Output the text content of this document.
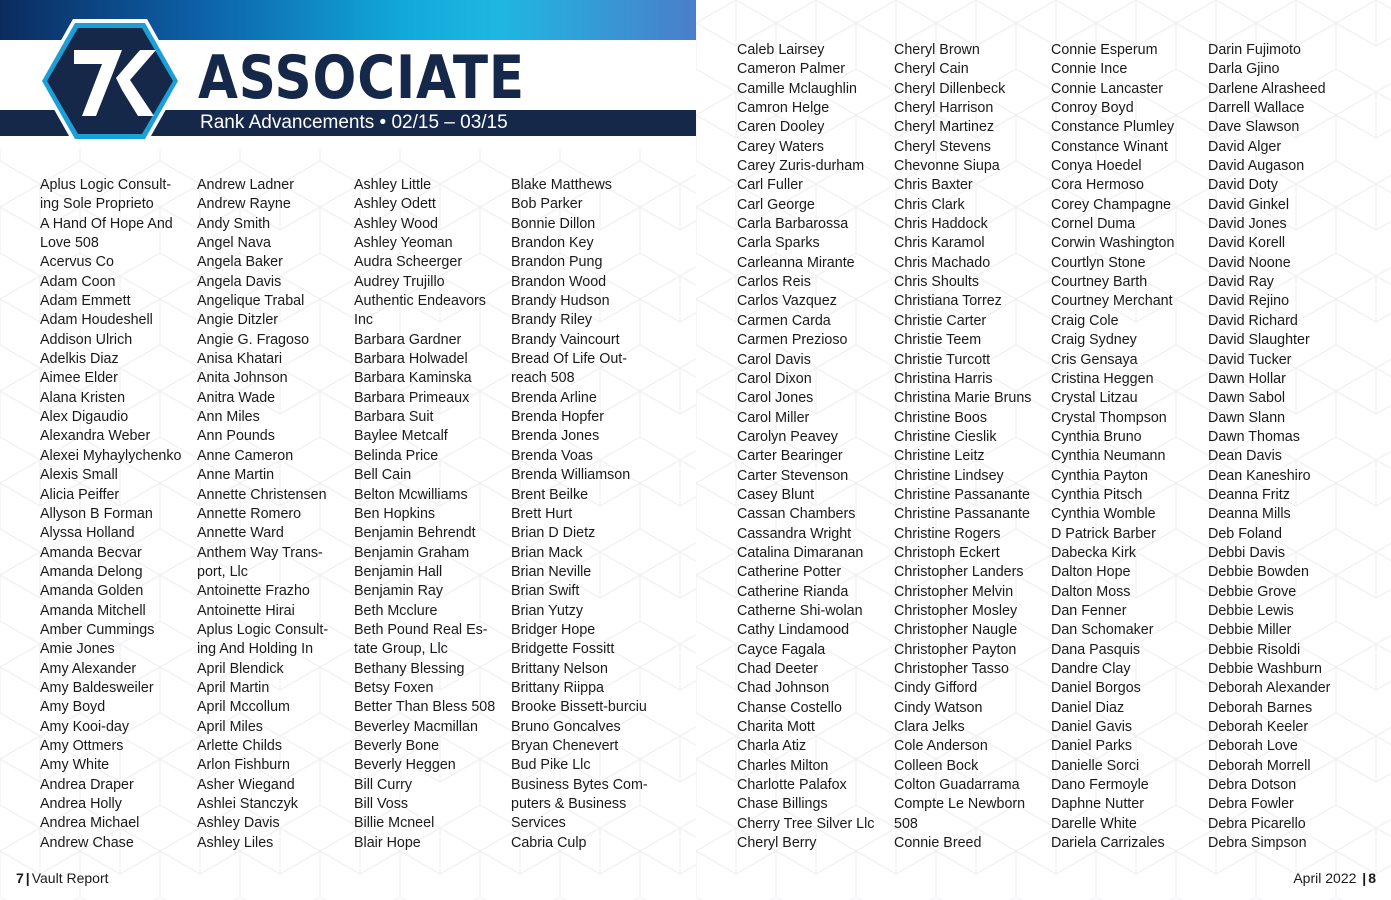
ASSOCIATE
Rank Advancements • 02/15 – 03/15
Aplus Logic Consult-
ing Sole Proprieto
A Hand Of Hope And
Love 508
Acervus Co
Adam Coon
Adam Emmett
Adam Houdeshell
Addison Ulrich
Adelkis Diaz
Aimee Elder
Alana Kristen
Alex Digaudio
Alexandra Weber
Alexei Myhaylychenko
Alexis Small
Alicia Peiffer
Allyson B Forman
Alyssa Holland
Amanda Becvar
Amanda Delong
Amanda Golden
Amanda Mitchell
Amber Cummings
Amie Jones
Amy Alexander
Amy Baldesweiler
Amy Boyd
Amy Kooi-day
Amy Ottmers
Amy White
Andrea Draper
Andrea Holly
Andrea Michael
Andrew Chase
Andrew Ladner
Andrew Rayne
Andy Smith
Angel Nava
Angela Baker
Angela Davis
Angelique Trabal
Angie Ditzler
Angie G. Fragoso
Anisa Khatari
Anita Johnson
Anitra Wade
Ann Miles
Ann Pounds
Anne Cameron
Anne Martin
Annette Christensen
Annette Romero
Annette Ward
Anthem Way Trans-
port, Llc
Antoinette Frazho
Antoinette Hirai
Aplus Logic Consult-
ing And Holding In
April Blendick
April Martin
April Mccollum
April Miles
Arlette Childs
Arlon Fishburn
Asher Wiegand
Ashlei Stanczyk
Ashley Davis
Ashley Liles
Ashley Little
Ashley Odett
Ashley Wood
Ashley Yeoman
Audra Scheerger
Audrey Trujillo
Authentic Endeavors
Inc
Barbara Gardner
Barbara Holwadel
Barbara Kaminska
Barbara Primeaux
Barbara Suit
Baylee Metcalf
Belinda Price
Bell Cain
Belton Mcwilliams
Ben Hopkins
Benjamin Behrendt
Benjamin Graham
Benjamin Hall
Benjamin Ray
Beth Mcclure
Beth Pound Real Es-
tate Group, Llc
Bethany Blessing
Betsy Foxen
Better Than Bless 508
Beverley Macmillan
Beverly Bone
Beverly Heggen
Bill Curry
Bill Voss
Billie Mcneel
Blair Hope
Blake Matthews
Bob Parker
Bonnie Dillon
Brandon Key
Brandon Pung
Brandon Wood
Brandy Hudson
Brandy Riley
Brandy Vaincourt
Bread Of Life Out-
reach 508
Brenda Arline
Brenda Hopfer
Brenda Jones
Brenda Voas
Brenda Williamson
Brent Beilke
Brett Hurt
Brian D Dietz
Brian Mack
Brian Neville
Brian Swift
Brian Yutzy
Bridger Hope
Bridgette Fossitt
Brittany Nelson
Brittany Riippa
Brooke Bissett-burciu
Bruno Goncalves
Bryan Chenevert
Bud Pike Llc
Business Bytes Com-
puters & Business
Services
Cabria Culp
7 | Vault Report
Caleb Lairsey
Cameron Palmer
Camille Mclaughlin
Camron Helge
Caren Dooley
Carey Waters
Carey Zuris-durham
Carl Fuller
Carl George
Carla Barbarossa
Carla Sparks
Carleanna Mirante
Carlos Reis
Carlos Vazquez
Carmen Carda
Carmen Prezioso
Carol Davis
Carol Dixon
Carol Jones
Carol Miller
Carolyn Peavey
Carter Bearinger
Carter Stevenson
Casey Blunt
Cassan Chambers
Cassandra Wright
Catalina Dimaranan
Catherine Potter
Catherine Rianda
Catherne Shi-wolan
Cathy Lindamood
Cayce Fagala
Chad Deeter
Chad Johnson
Chanse Costello
Charita Mott
Charla Atiz
Charles Milton
Charlotte Palafox
Chase Billings
Cherry Tree Silver Llc
Cheryl Berry
Cheryl Brown
Cheryl Cain
Cheryl Dillenbeck
Cheryl Harrison
Cheryl Martinez
Cheryl Stevens
Chevonne Siupa
Chris Baxter
Chris Clark
Chris Haddock
Chris Karamol
Chris Machado
Chris Shoults
Christiana Torrez
Christie Carter
Christie Teem
Christie Turcott
Christina Harris
Christina Marie Bruns
Christine Boos
Christine Cieslik
Christine Leitz
Christine Lindsey
Christine Passanante
Christine Passanante
Christine Rogers
Christoph Eckert
Christopher Landers
Christopher Melvin
Christopher Mosley
Christopher Naugle
Christopher Payton
Christopher Tasso
Cindy Gifford
Cindy Watson
Clara Jelks
Cole Anderson
Colleen Bock
Colton Guadarrama
Compte Le Newborn
508
Connie Breed
Connie Esperum
Connie Ince
Connie Lancaster
Conroy Boyd
Constance Plumley
Constance Winant
Conya Hoedel
Cora Hermoso
Corey Champagne
Cornel Duma
Corwin Washington
Courtlyn Stone
Courtney Barth
Courtney Merchant
Craig Cole
Craig Sydney
Cris Gensaya
Cristina Heggen
Crystal Litzau
Crystal Thompson
Cynthia Bruno
Cynthia Neumann
Cynthia Payton
Cynthia Pitsch
Cynthia Womble
D Patrick Barber
Dabecka Kirk
Dalton Hope
Dalton Moss
Dan Fenner
Dan Schomaker
Dana Pasquis
Dandre Clay
Daniel Borgos
Daniel Diaz
Daniel Gavis
Daniel Parks
Danielle Sorci
Dano Fermoyle
Daphne Nutter
Darelle White
Dariela Carrizales
Darin Fujimoto
Darla Gjino
Darlene Alrasheed
Darrell Wallace
Dave Slawson
David Alger
David Augason
David Doty
David Ginkel
David Jones
David Korell
David Noone
David Ray
David Rejino
David Richard
David Slaughter
David Tucker
Dawn Hollar
Dawn Sabol
Dawn Slann
Dawn Thomas
Dean Davis
Dean Kaneshiro
Deanna Fritz
Deanna Mills
Deb Foland
Debbi Davis
Debbie Bowden
Debbie Grove
Debbie Lewis
Debbie Miller
Debbie Risoldi
Debbie Washburn
Deborah Alexander
Deborah Barnes
Deborah Keeler
Deborah Love
Deborah Morrell
Debra Dotson
Debra Fowler
Debra Picarello
Debra Simpson
April 2022 | 8
